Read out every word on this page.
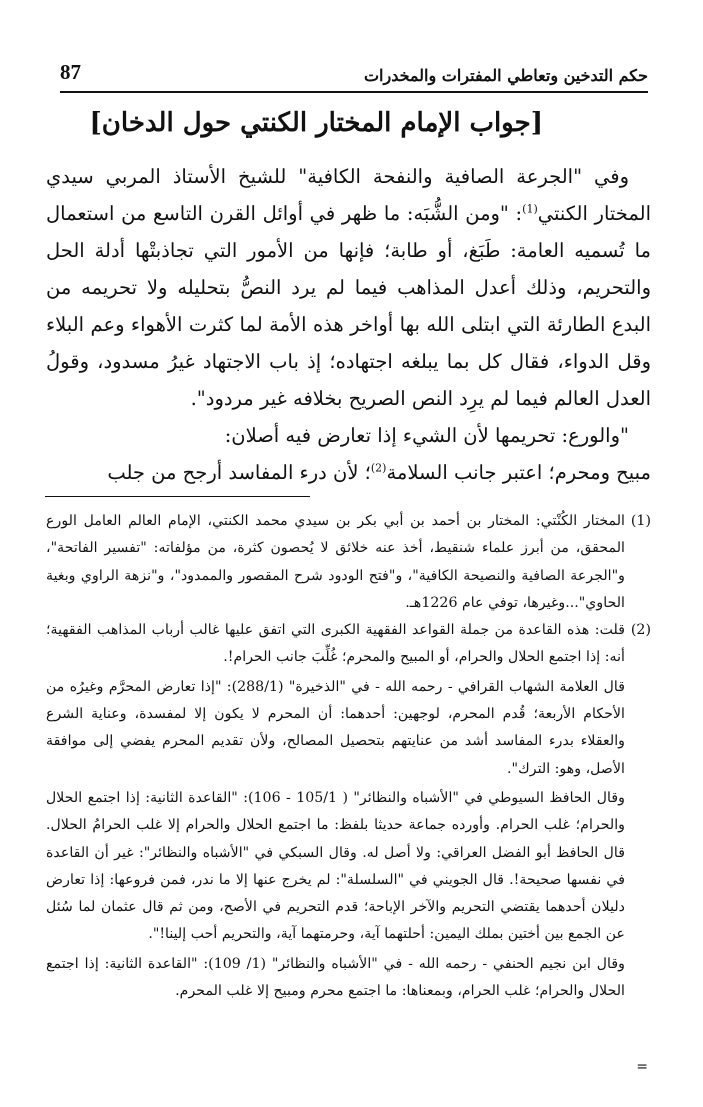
حكم التدخين وتعاطي المفترات والمخدرات
87
[جواب الإمام المختار الكنتي حول الدخان]

وفي "الجرعة الصافية والنفحة الكافية" للشيخ الأستاذ المربي سيدي المختار الكنتي$^{(1)}$: "ومن الشُّبَه: ما ظهر في أوائل القرن التاسع من استعمال ما تُسميه العامة: طَبَغ، أو طابة؛ فإنها من الأمور التي تجاذبتْها أدلة الحل والتحريم، وذلك أعدل المذاهب فيما لم يرد النصُّ بتحليله ولا تحريمه من البدع الطارئة التي ابتلى الله بها أواخر هذه الأمة لما كثرت الأهواء وعم البلاء وقل الدواء، فقال كل بما يبلغه اجتهاده؛ إذ باب الاجتهاد غيرُ مسدود، وقولُ العدل العالم فيما لم يرِد النص الصريح بخلافه غير مردود".

"والورع: تحريمها لأن الشيء إذا تعارض فيه أصلان:

مبيح ومحرم؛ اعتبر جانب السلامة$^{(2)}$؛ لأن درء المفاسد أرجح من جلب

(1)

المختار الكُنْتي: المختار بن أحمد بن أبي بكر بن سيدي محمد الكنتي، الإمام العالم العامل الورع المحقق، من أبرز علماء شنقيط، أخذ عنه خلائق لا يُحصون كثرة، من مؤلفاته: "تفسير الفاتحة"، و"الجرعة الصافية والنصيحة الكافية"، و"فتح الودود شرح المقصور والممدود"، و"نزهة الراوي وبغية الحاوي"...وغيرها، توفي عام 1226هـ.

(2)

قلت: هذه القاعدة من جملة القواعد الفقهية الكبرى التي اتفق عليها غالب أرباب المذاهب الفقهية؛ أنه: إذا اجتمع الحلال والحرام، أو المبيح والمحرم؛ غُلِّبَ جانب الحرام!.

قال العلامة الشهاب القرافي - رحمه الله - في "الذخيرة" (288/1): "إذا تعارض المحرَّم وغيرُه من الأحكام الأربعة؛ قُدم المحرم، لوجهين: أحدهما: أن المحرم لا يكون إلا لمفسدة، وعناية الشرع والعقلاء بدرء المفاسد أشد من عنايتهم بتحصيل المصالح، ولأن تقديم المحرم يفضي إلى موافقة الأصل، وهو: الترك".

وقال الحافظ السيوطي في "الأشباه والنظائر" ( 105/1 - 106): "القاعدة الثانية: إذا اجتمع الحلال والحرام؛ غلب الحرام. وأورده جماعة حديثا بلفظ: ما اجتمع الحلال والحرام إلا غلب الحرامُ الحلال. قال الحافظ أبو الفضل العراقي: ولا أصل له. وقال السبكي في "الأشباه والنظائر": غير أن القاعدة في نفسها صحيحة!. قال الجويني في "السلسلة": لم يخرج عنها إلا ما ندر، فمن فروعها: إذا تعارض دليلان أحدهما يقتضي التحريم والآخر الإباحة؛ قدم التحريم في الأصح، ومن ثم قال عثمان لما سُئل عن الجمع بين أختين بملك اليمين: أحلتهما آية، وحرمتهما آية، والتحريم أحب إلينا!".

وقال ابن نجيم الحنفي - رحمه الله - في "الأشباه والنظائر" (1/ 109): "القاعدة الثانية: إذا اجتمع الحلال والحرام؛ غلب الحرام، وبمعناها: ما اجتمع محرم ومبيح إلا غلب المحرم.

=
